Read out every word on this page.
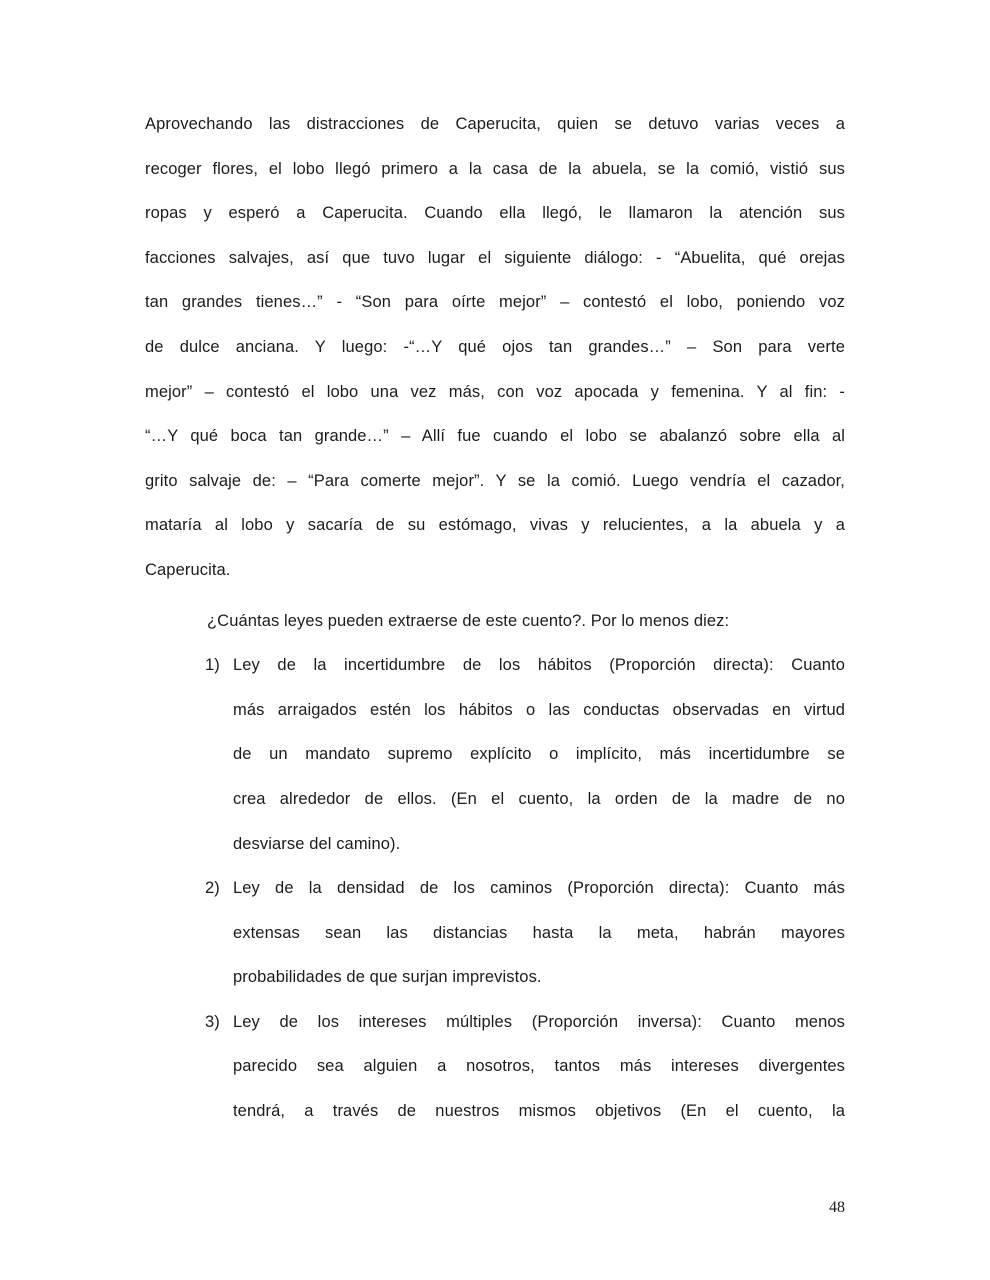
Aprovechando las distracciones de Caperucita, quien se detuvo varias veces a
recoger flores, el lobo llegó primero a la casa de la abuela, se la comió, vistió sus
ropas y esperó a Caperucita. Cuando ella llegó, le llamaron la atención sus
facciones salvajes, así que tuvo lugar el siguiente diálogo: - “Abuelita, qué orejas
tan grandes tienes…” - “Son para oírte mejor” – contestó el lobo, poniendo voz
de dulce anciana. Y luego: -“…Y qué ojos tan grandes…” – Son para verte
mejor” – contestó el lobo una vez más, con voz apocada y femenina. Y al fin: -
“…Y qué boca tan grande…” – Allí fue cuando el lobo se abalanzó sobre ella al
grito salvaje de: – “Para comerte mejor”. Y se la comió. Luego vendría el cazador,
mataría al lobo y sacaría de su estómago, vivas y relucientes, a la abuela y a
Caperucita.
¿Cuántas leyes pueden extraerse de este cuento?. Por lo menos diez:
1) Ley de la incertidumbre de los hábitos (Proporción directa): Cuanto
más arraigados estén los hábitos o las conductas observadas en virtud
de un mandato supremo explícito o implícito, más incertidumbre se
crea alrededor de ellos. (En el cuento, la orden de la madre de no
desviarse del camino).
2) Ley de la densidad de los caminos (Proporción directa): Cuanto más
extensas sean las distancias hasta la meta, habrán mayores
probabilidades de que surjan imprevistos.
3) Ley de los intereses múltiples (Proporción inversa): Cuanto menos
parecido sea alguien a nosotros, tantos más intereses divergentes
tendrá, a través de nuestros mismos objetivos (En el cuento, la
48
